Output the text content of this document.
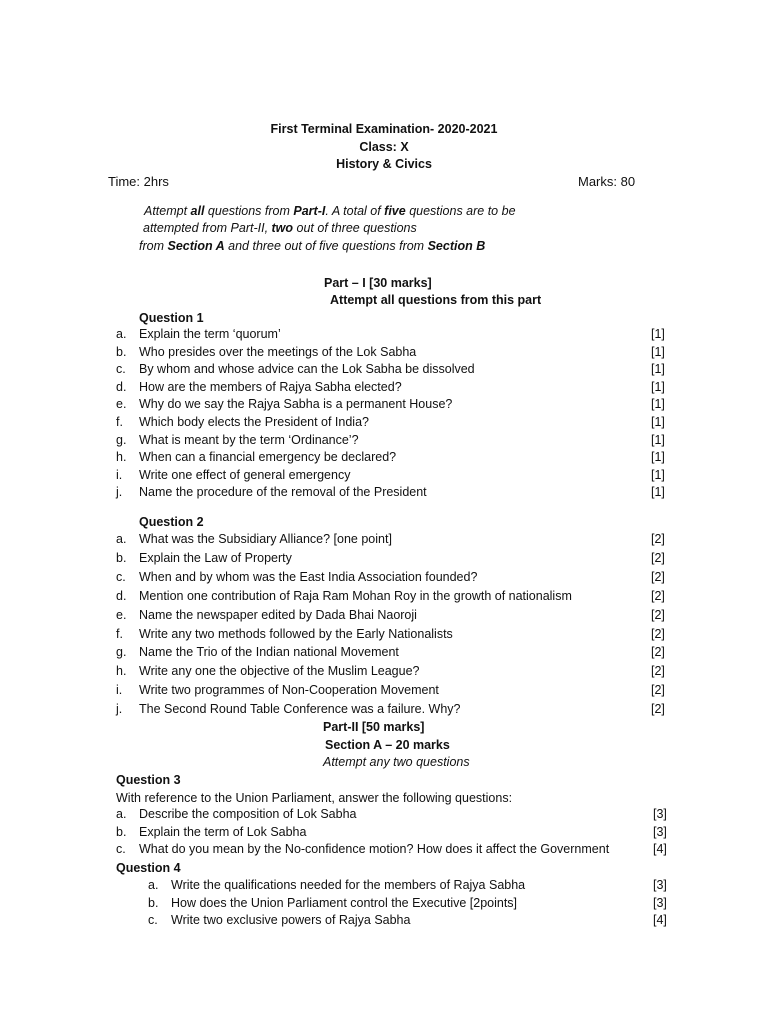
First Terminal Examination- 2020-2021
Class: X
History & Civics
Time: 2hrs	Marks: 80
Attempt all questions from Part-I. A total of five questions are to be
attempted from Part-II, two out of three questions
from Section A and three out of five questions from Section B
Part – I [30 marks]
Attempt all questions from this part
Question 1
a. Explain the term ‘quorum’	[1]
b. Who presides over the meetings of the Lok Sabha	[1]
c. By whom and whose advice can the Lok Sabha be dissolved	[1]
d. How are the members of Rajya Sabha elected?	[1]
e. Why do we say the Rajya Sabha is a permanent House?	[1]
f. Which body elects the President of India?	[1]
g. What is meant by the term ‘Ordinance’?	[1]
h. When can a financial emergency be declared?	[1]
i. Write one effect of general emergency	[1]
j. Name the procedure of the removal of the President	[1]
Question 2
a. What was the Subsidiary Alliance? [one point]	[2]
b. Explain the Law of Property	[2]
c. When and by whom was the East India Association founded?	[2]
d. Mention one contribution of Raja Ram Mohan Roy in the growth of nationalism	[2]
e. Name the newspaper edited by Dada Bhai Naoroji	[2]
f. Write any two methods followed by the Early Nationalists	[2]
g. Name the Trio of the Indian national Movement	[2]
h. Write any one the objective of the Muslim League?	[2]
i. Write two programmes of Non-Cooperation Movement	[2]
j. The Second Round Table Conference was a failure. Why?	[2]
Part-II [50 marks]
Section A – 20 marks
Attempt any two questions
Question 3
With reference to the Union Parliament, answer the following questions:
a. Describe the composition of Lok Sabha	[3]
b. Explain the term of Lok Sabha	[3]
c. What do you mean by the No-confidence motion? How does it affect the Government	[4]
Question 4
a. Write the qualifications needed for the members of Rajya Sabha	[3]
b. How does the Union Parliament control the Executive [2points]	[3]
c. Write two exclusive powers of Rajya Sabha	[4]
